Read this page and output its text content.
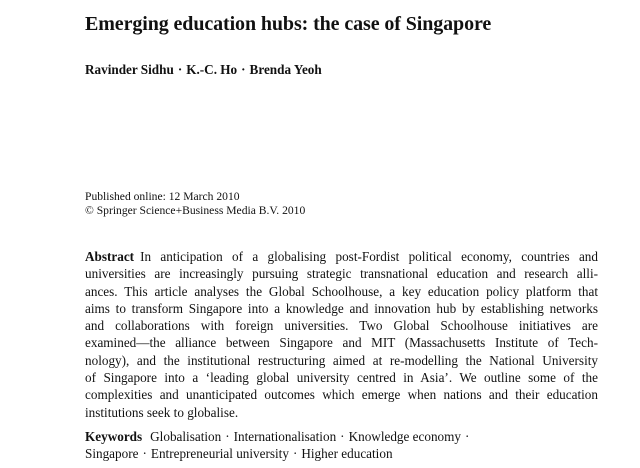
Emerging education hubs: the case of Singapore
Ravinder Sidhu · K.-C. Ho · Brenda Yeoh
Published online: 12 March 2010
© Springer Science+Business Media B.V. 2010
Abstract In anticipation of a globalising post-Fordist political economy, countries and
universities are increasingly pursuing strategic transnational education and research alli-
ances. This article analyses the Global Schoolhouse, a key education policy platform that
aims to transform Singapore into a knowledge and innovation hub by establishing networks
and collaborations with foreign universities. Two Global Schoolhouse initiatives are
examined—the alliance between Singapore and MIT (Massachusetts Institute of Tech-
nology), and the institutional restructuring aimed at re-modelling the National University
of Singapore into a ‘leading global university centred in Asia’. We outline some of the
complexities and unanticipated outcomes which emerge when nations and their education
institutions seek to globalise.
Keywords Globalisation · Internationalisation · Knowledge economy ·
Singapore · Entrepreneurial university · Higher education
